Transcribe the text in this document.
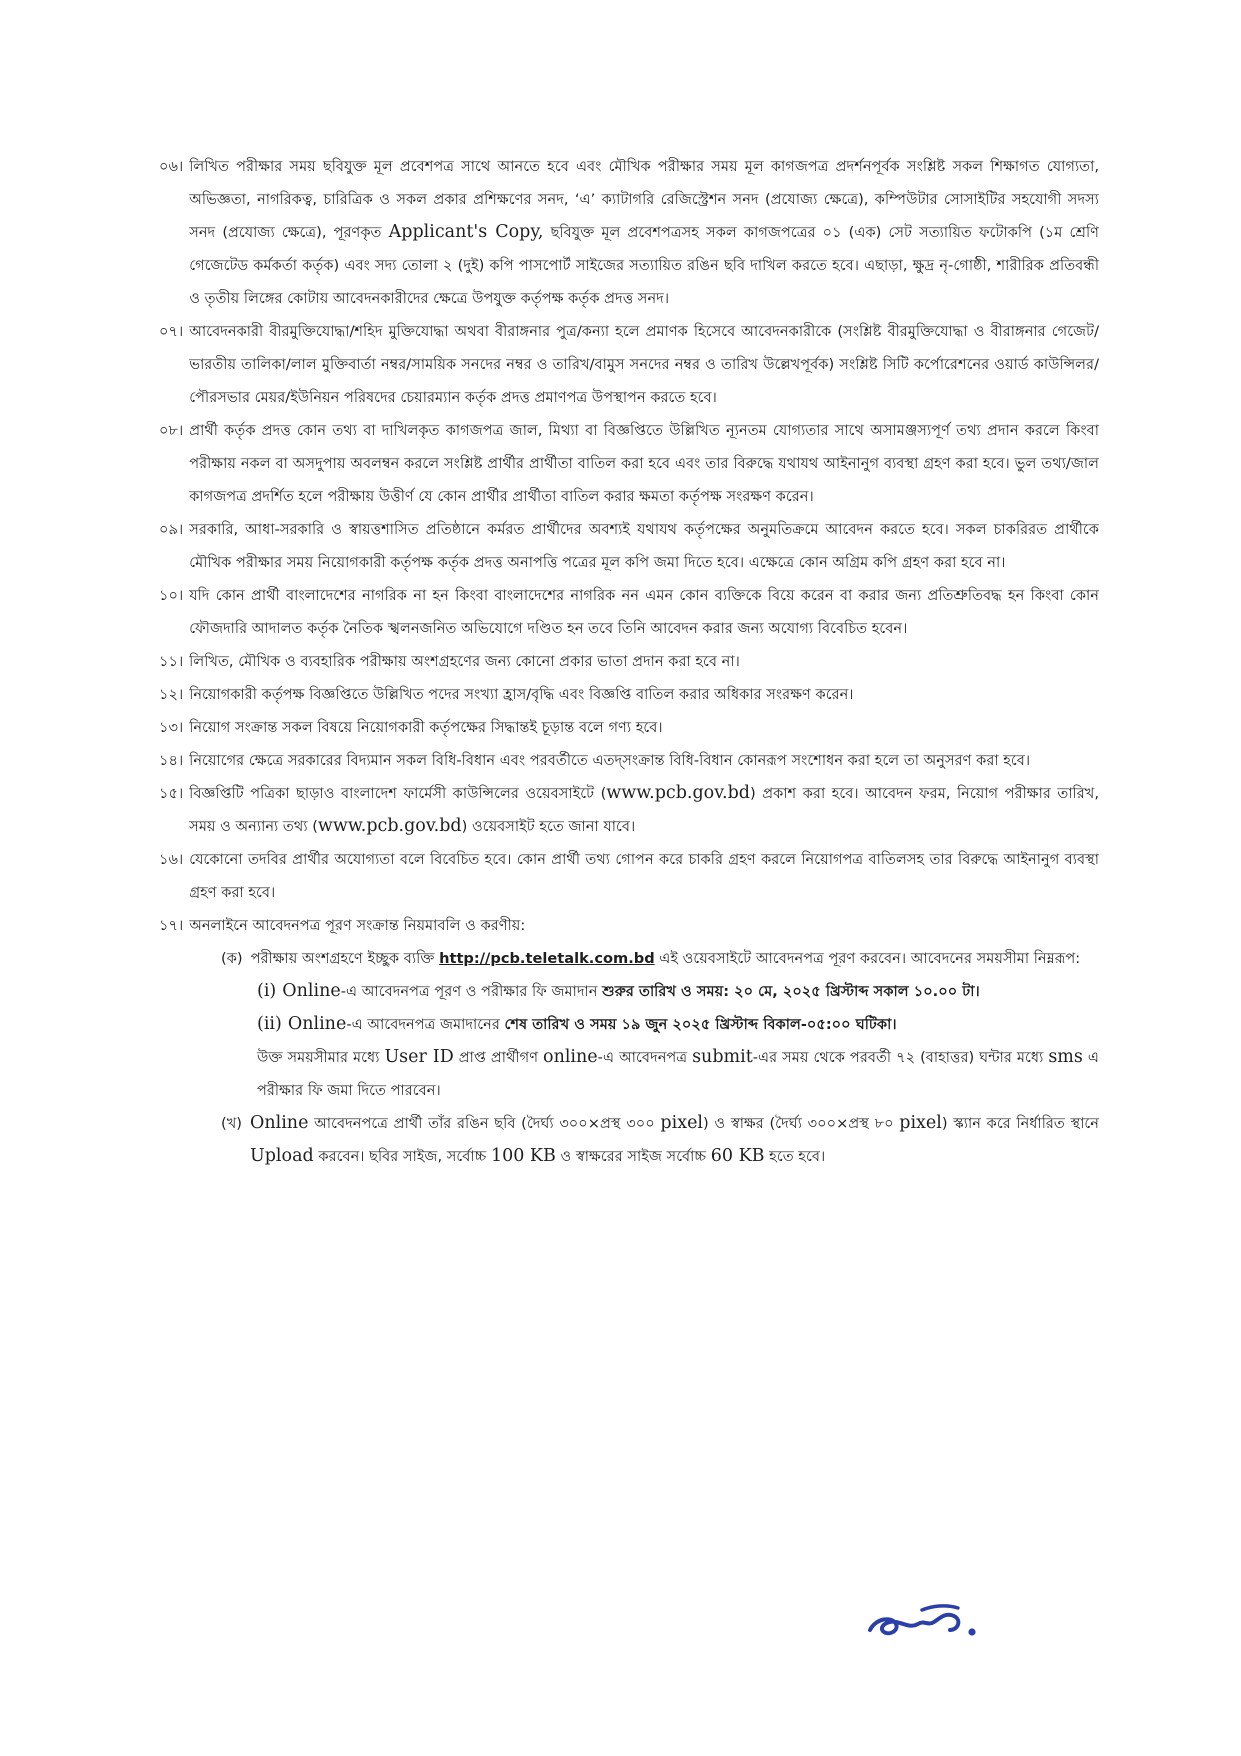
০৬। লিখিত পরীক্ষার সময় ছবিযুক্ত মূল প্রবেশপত্র সাথে আনতে হবে এবং মৌখিক পরীক্ষার সময় মূল কাগজপত্র প্রদর্শনপূর্বক সংশ্লিষ্ট সকল শিক্ষাগত যোগ্যতা, অভিজ্ঞতা, নাগরিকত্ব, চারিত্রিক ও সকল প্রকার প্রশিক্ষণের সনদ, ‘এ’ ক্যাটাগরি রেজিস্ট্রেশন সনদ (প্রযোজ্য ক্ষেত্রে), কম্পিউটার সোসাইটির সহযোগী সদস্য সনদ (প্রযোজ্য ক্ষেত্রে), পূরণকৃত Applicant's Copy, ছবিযুক্ত মূল প্রবেশপত্রসহ সকল কাগজপত্রের ০১ (এক) সেট সত্যায়িত ফটোকপি (১ম শ্রেণি গেজেটেড কর্মকর্তা কর্তৃক) এবং সদ্য তোলা ২ (দুই) কপি পাসপোর্ট সাইজের সত্যায়িত রঙিন ছবি দাখিল করতে হবে। এছাড়া, ক্ষুদ্র নৃ-গোষ্ঠী, শারীরিক প্রতিবন্ধী ও তৃতীয় লিঙ্গের কোটায় আবেদনকারীদের ক্ষেত্রে উপযুক্ত কর্তৃপক্ষ কর্তৃক প্রদত্ত সনদ।
০৭। আবেদনকারী বীরমুক্তিযোদ্ধা/শহিদ মুক্তিযোদ্ধা অথবা বীরাঙ্গনার পুত্র/কন্যা হলে প্রমাণক হিসেবে আবেদনকারীকে (সংশ্লিষ্ট বীরমুক্তিযোদ্ধা ও বীরাঙ্গনার গেজেট/ভারতীয় তালিকা/লাল মুক্তিবার্তা নম্বর/সাময়িক সনদের নম্বর ও তারিখ/বামুস সনদের নম্বর ও তারিখ উল্লেখপূর্বক) সংশ্লিষ্ট সিটি কর্পোরেশনের ওয়ার্ড কাউন্সিলর/পৌরসভার মেয়র/ইউনিয়ন পরিষদের চেয়ারম্যান কর্তৃক প্রদত্ত প্রমাণপত্র উপস্থাপন করতে হবে।
০৮। প্রার্থী কর্তৃক প্রদত্ত কোন তথ্য বা দাখিলকৃত কাগজপত্র জাল, মিথ্যা বা বিজ্ঞপ্তিতে উল্লিখিত ন্যূনতম যোগ্যতার সাথে অসামঞ্জস্যপূর্ণ তথ্য প্রদান করলে কিংবা পরীক্ষায় নকল বা অসদুপায় অবলম্বন করলে সংশ্লিষ্ট প্রার্থীর প্রার্থীতা বাতিল করা হবে এবং তার বিরুদ্ধে যথাযথ আইনানুগ ব্যবস্থা গ্রহণ করা হবে। ভুল তথ্য/জাল কাগজপত্র প্রদর্শিত হলে পরীক্ষায় উত্তীর্ণ যে কোন প্রার্থীর প্রার্থীতা বাতিল করার ক্ষমতা কর্তৃপক্ষ সংরক্ষণ করেন।
০৯। সরকারি, আধা-সরকারি ও স্বায়ত্তশাসিত প্রতিষ্ঠানে কর্মরত প্রার্থীদের অবশ্যই যথাযথ কর্তৃপক্ষের অনুমতিক্রমে আবেদন করতে হবে। সকল চাকরিরত প্রার্থীকে মৌখিক পরীক্ষার সময় নিয়োগকারী কর্তৃপক্ষ কর্তৃক প্রদত্ত অনাপত্তি পত্রের মূল কপি জমা দিতে হবে। এক্ষেত্রে কোন অগ্রিম কপি গ্রহণ করা হবে না।
১০। যদি কোন প্রার্থী বাংলাদেশের নাগরিক না হন কিংবা বাংলাদেশের নাগরিক নন এমন কোন ব্যক্তিকে বিয়ে করেন বা করার জন্য প্রতিশ্রুতিবদ্ধ হন কিংবা কোন ফৌজদারি আদালত কর্তৃক নৈতিক স্খলনজনিত অভিযোগে দণ্ডিত হন তবে তিনি আবেদন করার জন্য অযোগ্য বিবেচিত হবেন।
১১। লিখিত, মৌখিক ও ব্যবহারিক পরীক্ষায় অংশগ্রহণের জন্য কোনো প্রকার ভাতা প্রদান করা হবে না।
১২। নিয়োগকারী কর্তৃপক্ষ বিজ্ঞপ্তিতে উল্লিখিত পদের সংখ্যা হ্রাস/বৃদ্ধি এবং বিজ্ঞপ্তি বাতিল করার অধিকার সংরক্ষণ করেন।
১৩। নিয়োগ সংক্রান্ত সকল বিষয়ে নিয়োগকারী কর্তৃপক্ষের সিদ্ধান্তই চূড়ান্ত বলে গণ্য হবে।
১৪। নিয়োগের ক্ষেত্রে সরকারের বিদ্যমান সকল বিধি-বিধান এবং পরবর্তীতে এতদ্‌সংক্রান্ত বিধি-বিধান কোনরূপ সংশোধন করা হলে তা অনুসরণ করা হবে।
১৫। বিজ্ঞপ্তিটি পত্রিকা ছাড়াও বাংলাদেশ ফার্মেসী কাউন্সিলের ওয়েবসাইটে (www.pcb.gov.bd) প্রকাশ করা হবে। আবেদন ফরম, নিয়োগ পরীক্ষার তারিখ, সময় ও অন্যান্য তথ্য (www.pcb.gov.bd) ওয়েবসাইট হতে জানা যাবে।
১৬। যেকোনো তদবির প্রার্থীর অযোগ্যতা বলে বিবেচিত হবে। কোন প্রার্থী তথ্য গোপন করে চাকরি গ্রহণ করলে নিয়োগপত্র বাতিলসহ তার বিরুদ্ধে আইনানুগ ব্যবস্থা গ্রহণ করা হবে।
১৭। অনলাইনে আবেদনপত্র পূরণ সংক্রান্ত নিয়মাবলি ও করণীয়:
(ক) পরীক্ষায় অংশগ্রহণে ইচ্ছুক ব্যক্তি http://pcb.teletalk.com.bd এই ওয়েবসাইটে আবেদনপত্র পূরণ করবেন। আবেদনের সময়সীমা নিম্নরূপ:
(i) Online-এ আবেদনপত্র পূরণ ও পরীক্ষার ফি জমাদান শুরুর তারিখ ও সময়: ২০ মে, ২০২৫ খ্রিস্টাব্দ সকাল ১০.০০ টা।
(ii) Online-এ আবেদনপত্র জমাদানের শেষ তারিখ ও সময় ১৯ জুন ২০২৫ খ্রিস্টাব্দ বিকাল-০৫:০০ ঘটিকা।
উক্ত সময়সীমার মধ্যে User ID প্রাপ্ত প্রার্থীগণ online-এ আবেদনপত্র submit-এর সময় থেকে পরবর্তী ৭২ (বাহাত্তর) ঘন্টার মধ্যে sms এ পরীক্ষার ফি জমা দিতে পারবেন।
(খ) Online আবেদনপত্রে প্রার্থী তাঁর রঙিন ছবি (দৈর্ঘ্য ৩০০×প্রস্থ ৩০০ pixel) ও স্বাক্ষর (দৈর্ঘ্য ৩০০×প্রস্থ ৮০ pixel) স্ক্যান করে নির্ধারিত স্থানে Upload করবেন। ছবির সাইজ, সর্বোচ্চ 100 KB ও স্বাক্ষরের সাইজ সর্বোচ্চ 60 KB হতে হবে।
